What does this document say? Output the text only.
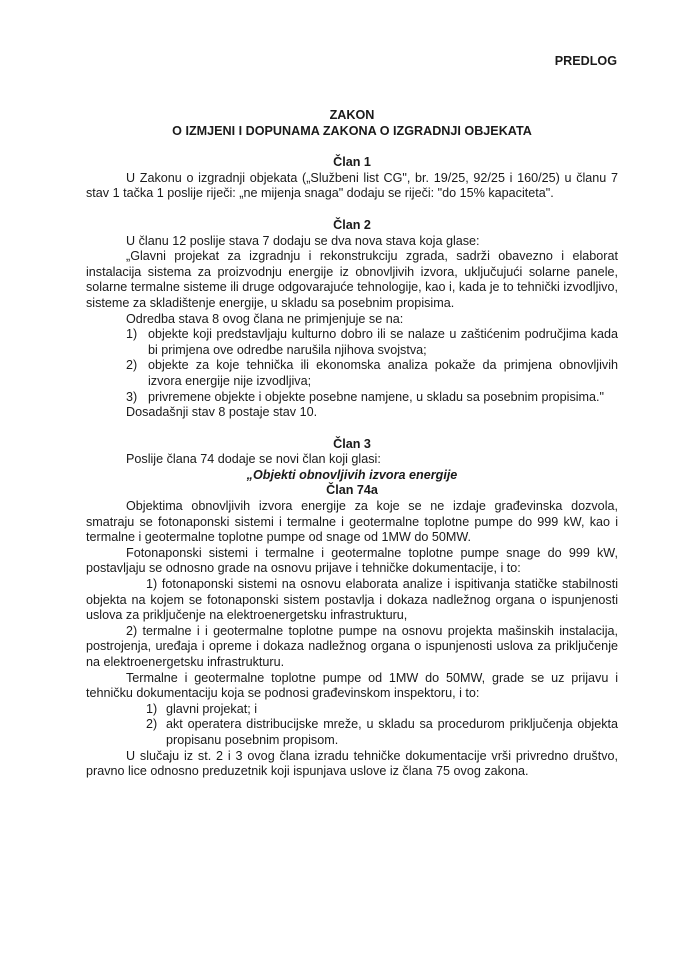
PREDLOG

ZAKON

O IZMJENI I DOPUNAMA ZAKONA O IZGRADNJI OBJEKATA

Član 1

U Zakonu o izgradnji objekata („Službeni list CG", br. 19/25, 92/25 i 160/25) u članu 7 stav 1 tačka 1 poslije riječi: „ne mijenja snaga" dodaju se riječi: "do 15% kapaciteta".

Član 2

U članu 12 poslije stava 7 dodaju se dva nova stava koja glase:

„Glavni projekat za izgradnju i rekonstrukciju zgrada, sadrži obavezno i elaborat instalacija sistema za proizvodnju energije iz obnovljivih izvora, uključujući solarne panele, solarne termalne sisteme ili druge odgovarajuće tehnologije, kao i, kada je to tehnički izvodljivo, sisteme za skladištenje energije, u skladu sa posebnim propisima.

Odredba stava 8 ovog člana ne primjenjuje se na:

1) objekte koji predstavljaju kulturno dobro ili se nalaze u zaštićenim područjima kada bi primjena ove odredbe narušila njihova svojstva;
2) objekte za koje tehnička ili ekonomska analiza pokaže da primjena obnovljivih izvora energije nije izvodljiva;
3) privremene objekte i objekte posebne namjene, u skladu sa posebnim propisima."

Dosadašnji stav 8 postaje stav 10.

Član 3

Poslije člana 74 dodaje se novi član koji glasi:

„Objekti obnovljivih izvora energije

Član 74a

Objektima obnovljivih izvora energije za koje se ne izdaje građevinska dozvola, smatraju se fotonaponski sistemi i termalne i geotermalne toplotne pumpe do 999 kW, kao i termalne i geotermalne toplotne pumpe od snage od 1MW do 50MW.

Fotonaponski sistemi i termalne i geotermalne toplotne pumpe snage do 999 kW, postavljaju se odnosno grade na osnovu prijave i tehničke dokumentacije, i to:

1) fotonaponski sistemi na osnovu elaborata analize i ispitivanja statičke stabilnosti objekta na kojem se fotonaponski sistem postavlja i dokaza nadležnog organa o ispunjenosti uslova za priključenje na elektroenergetsku infrastrukturu,

2) termalne i i geotermalne toplotne pumpe na osnovu projekta mašinskih instalacija, postrojenja, uređaja i opreme i dokaza nadležnog organa o ispunjenosti uslova za priključenje na elektroenergetsku infrastrukturu.

Termalne i geotermalne toplotne pumpe od 1MW do 50MW, grade se uz prijavu i tehničku dokumentaciju koja se podnosi građevinskom inspektoru, i to:

1) glavni projekat; i
2) akt operatera distribucijske mreže, u skladu sa procedurom priključenja objekta propisanu posebnim propisom.

U slučaju iz st. 2 i 3 ovog člana izradu tehničke dokumentacije vrši privredno društvo, pravno lice odnosno preduzetnik koji ispunjava uslove iz člana 75 ovog zakona.
